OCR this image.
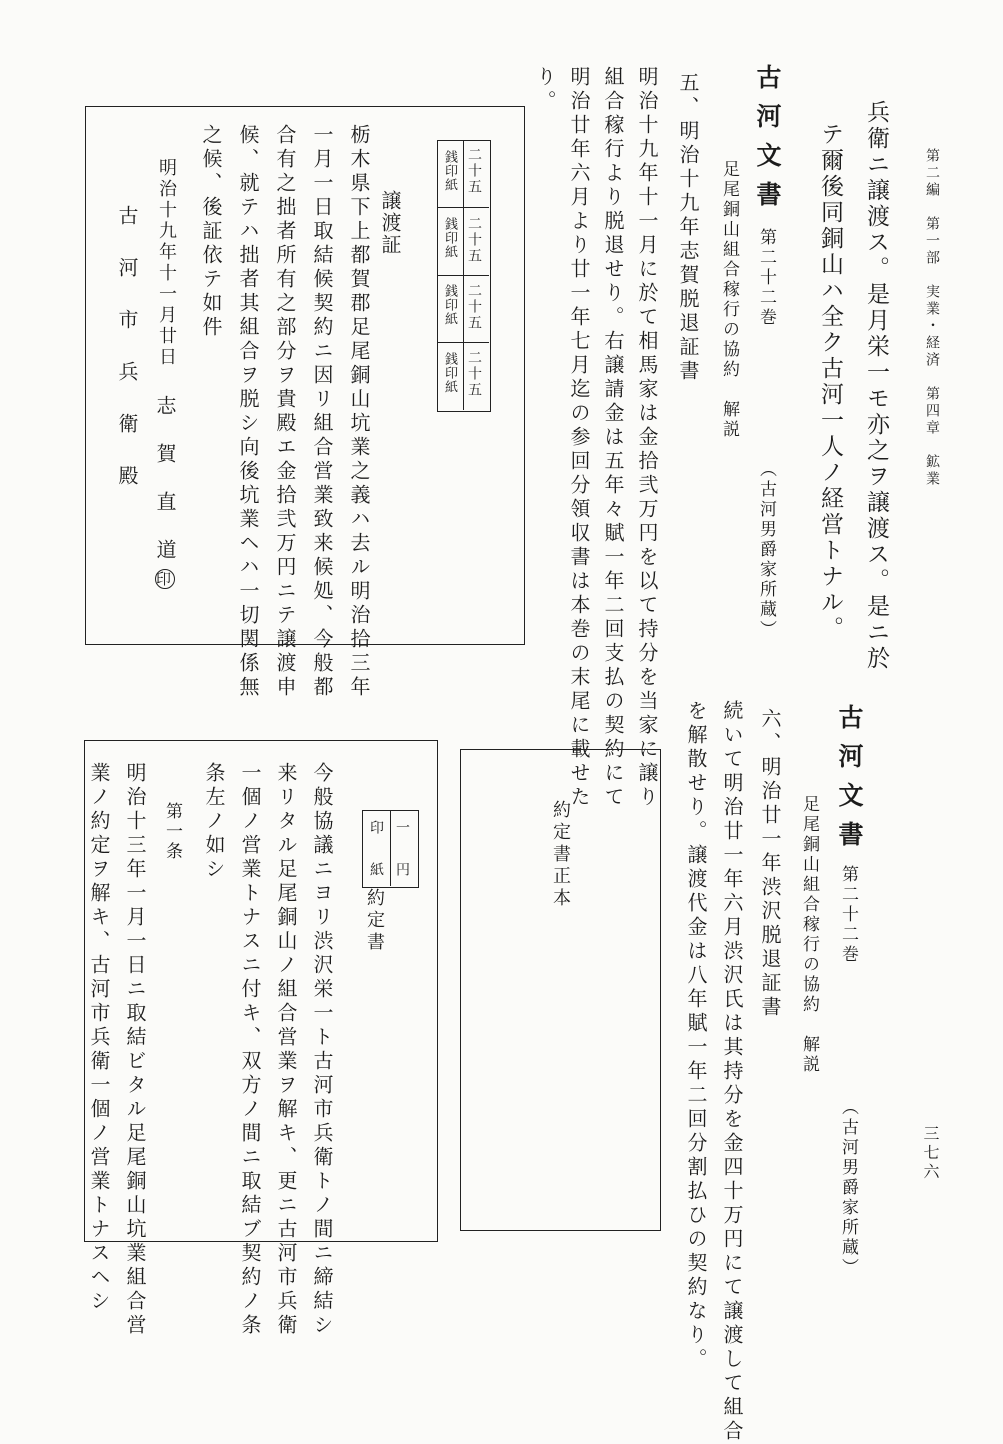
第二編　第一部　実業・経済　第四章　鉱業
三七六
兵衛ニ譲渡ス。是月栄一モ亦之ヲ譲渡ス。是ニ於
テ爾後同銅山ハ全ク古河一人ノ経営トナル。
古河文書
第二十二巻
（古河男爵家所蔵）
足尾銅山組合稼行の協約　解説
五、明治十九年志賀脱退証書
明治十九年十一月に於て相馬家は金拾弐万円を以て持分を当家に譲り
組合稼行より脱退せり。右譲請金は五年々賦一年二回支払の契約にて
明治廿年六月より廿一年七月迄の参回分領収書は本巻の末尾に載せた
り。
譲渡証
二十五
銭印紙
二十五
銭印紙
二十五
銭印紙
二十五
銭印紙
栃木県下上都賀郡足尾銅山坑業之義ハ去ル明治拾三年
一月一日取結候契約ニ因リ組合営業致来候処、今般都
合有之拙者所有之部分ヲ貴殿エ金拾弐万円ニテ譲渡申
候、就テハ拙者其組合ヲ脱シ向後坑業ヘハ一切関係無
之候、後証依テ如件
明治十九年十一月廿日
志　賀　直　道印
古　河　市　兵　衛　殿
古河文書
第二十二巻
（古河男爵家所蔵）
足尾銅山組合稼行の協約　解説
六、明治廿一年渋沢脱退証書
続いて明治廿一年六月渋沢氏は其持分を金四十万円にて譲渡して組合
を解散せり。譲渡代金は八年賦一年二回分割払ひの契約なり。
約定書正本
一　　円
印　　紙
約定書
今般協議ニヨリ渋沢栄一ト古河市兵衛トノ間ニ締結シ
来リタル足尾銅山ノ組合営業ヲ解キ、更ニ古河市兵衛
一個ノ営業トナスニ付キ、双方ノ間ニ取結ブ契約ノ条
条左ノ如シ
第一条
明治十三年一月一日ニ取結ビタル足尾銅山坑業組合営
業ノ約定ヲ解キ、古河市兵衛一個ノ営業トナスヘシ
